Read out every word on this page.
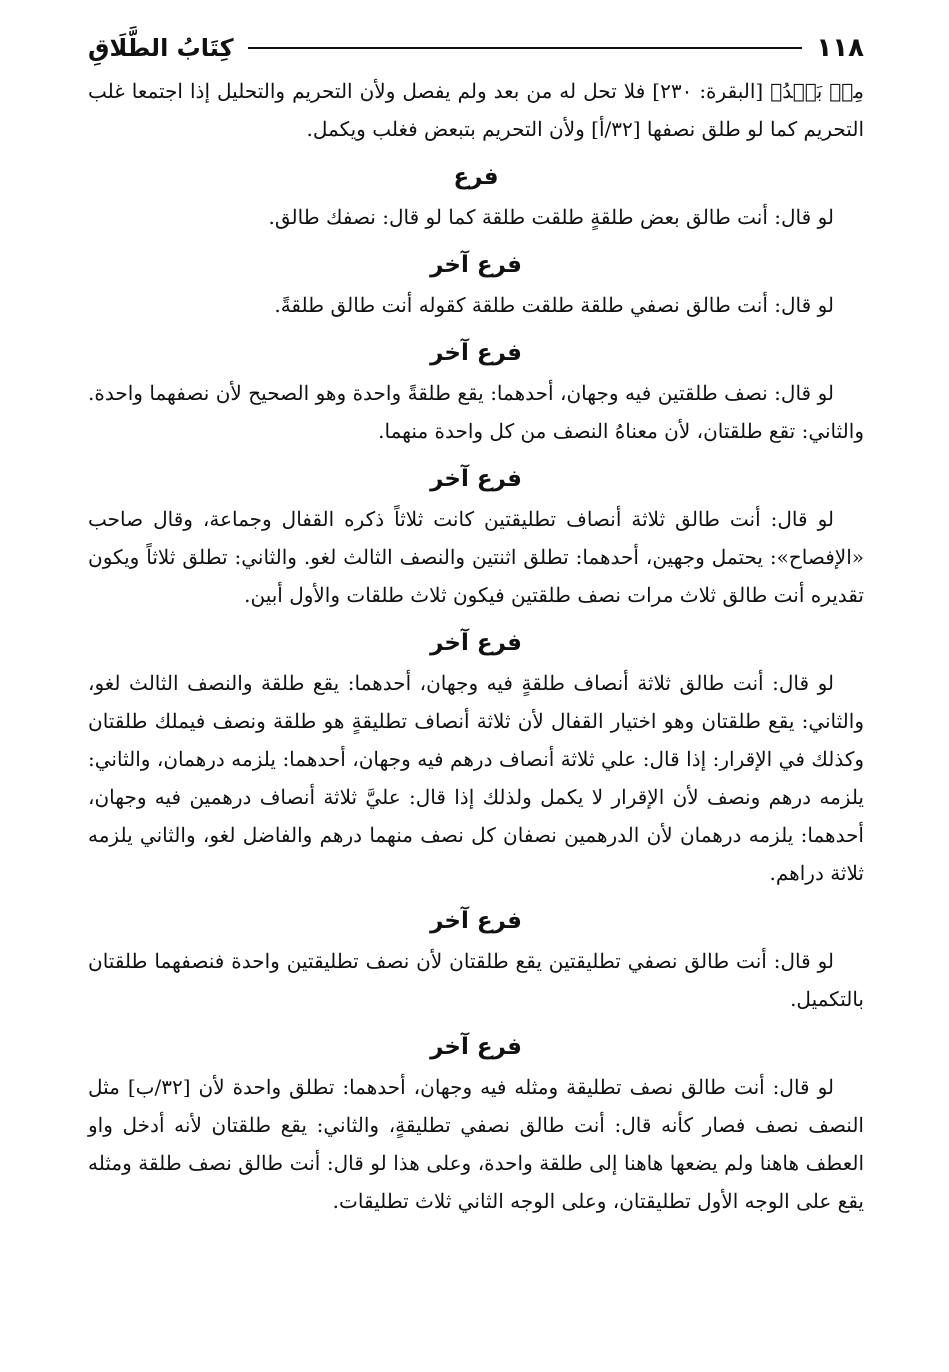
١١٨
كِتَابُ الطَّلَاقِ

مِنۢ بَعۡدُ﴾ [البقرة: ٢٣٠] فلا تحل له من بعد ولم يفصل ولأن التحريم والتحليل إذا اجتمعا غلب التحريم كما لو طلق نصفها [٣٢/أ] ولأن التحريم بتبعض فغلب ويكمل.

فرع

لو قال: أنت طالق بعض طلقةٍ طلقت طلقة كما لو قال: نصفك طالق.

فرع آخر

لو قال: أنت طالق نصفي طلقة طلقت طلقة كقوله أنت طالق طلقةً.

فرع آخر

لو قال: نصف طلقتين فيه وجهان، أحدهما: يقع طلقةً واحدة وهو الصحيح لأن نصفهما واحدة. والثاني: تقع طلقتان، لأن معناهُ النصف من كل واحدة منهما.

فرع آخر

لو قال: أنت طالق ثلاثة أنصاف تطليقتين كانت ثلاثاً ذكره القفال وجماعة، وقال صاحب «الإفصاح»: يحتمل وجهين، أحدهما: تطلق اثنتين والنصف الثالث لغو. والثاني: تطلق ثلاثاً ويكون تقديره أنت طالق ثلاث مرات نصف طلقتين فيكون ثلاث طلقات والأول أبين.

فرع آخر

لو قال: أنت طالق ثلاثة أنصاف طلقةٍ فيه وجهان، أحدهما: يقع طلقة والنصف الثالث لغو، والثاني: يقع طلقتان وهو اختيار القفال لأن ثلاثة أنصاف تطليقةٍ هو طلقة ونصف فيملك طلقتان وكذلك في الإقرار: إذا قال: علي ثلاثة أنصاف درهم فيه وجهان، أحدهما: يلزمه درهمان، والثاني: يلزمه درهم ونصف لأن الإقرار لا يكمل ولذلك إذا قال: عليَّ ثلاثة أنصاف درهمين فيه وجهان، أحدهما: يلزمه درهمان لأن الدرهمين نصفان كل نصف منهما درهم والفاضل لغو، والثاني يلزمه ثلاثة دراهم.

فرع آخر

لو قال: أنت طالق نصفي تطليقتين يقع طلقتان لأن نصف تطليقتين واحدة فنصفهما طلقتان بالتكميل.

فرع آخر

لو قال: أنت طالق نصف تطليقة ومثله فيه وجهان، أحدهما: تطلق واحدة لأن [٣٢/ب] مثل النصف نصف فصار كأنه قال: أنت طالق نصفي تطليقةٍ، والثاني: يقع طلقتان لأنه أدخل واو العطف هاهنا ولم يضعها هاهنا إلى طلقة واحدة، وعلى هذا لو قال: أنت طالق نصف طلقة ومثله يقع على الوجه الأول تطليقتان، وعلى الوجه الثاني ثلاث تطليقات.
